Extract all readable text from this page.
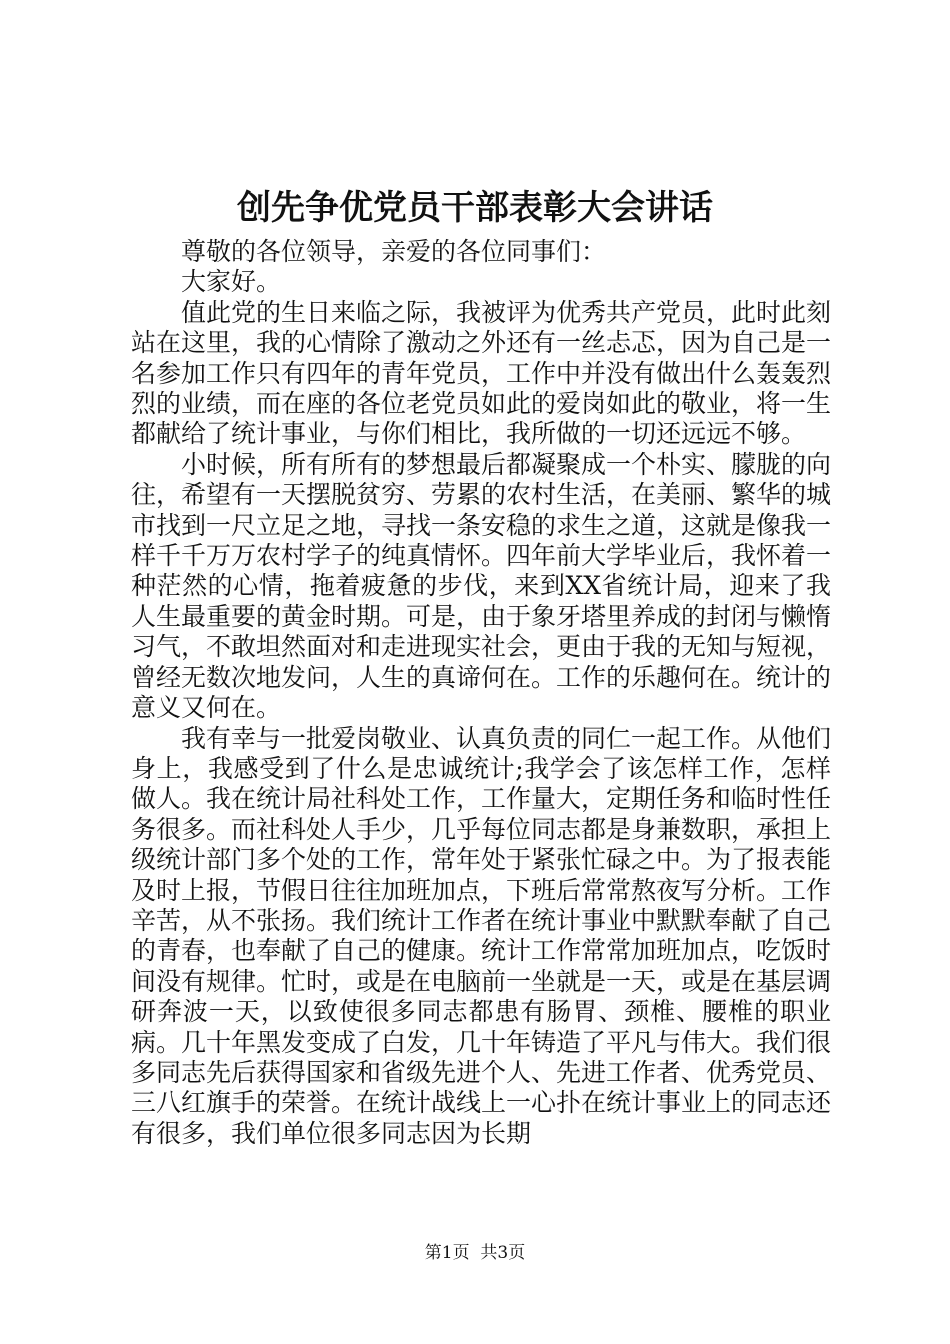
创先争优党员干部表彰大会讲话

尊敬的各位领导，亲爱的各位同事们：

大家好。

值此党的生日来临之际，我被评为优秀共产党员，此时此刻站在这里，我的心情除了激动之外还有一丝忐忑，因为自己是一名参加工作只有四年的青年党员，工作中并没有做出什么轰轰烈烈的业绩，而在座的各位老党员如此的爱岗如此的敬业，将一生都献给了统计事业，与你们相比，我所做的一切还远远不够。

小时候，所有所有的梦想最后都凝聚成一个朴实、朦胧的向往，希望有一天摆脱贫穷、劳累的农村生活，在美丽、繁华的城市找到一尺立足之地，寻找一条安稳的求生之道，这就是像我一样千千万万农村学子的纯真情怀。四年前大学毕业后，我怀着一种茫然的心情，拖着疲惫的步伐，来到XX省统计局，迎来了我人生最重要的黄金时期。可是，由于象牙塔里养成的封闭与懒惰习气，不敢坦然面对和走进现实社会，更由于我的无知与短视，曾经无数次地发问，人生的真谛何在。工作的乐趣何在。统计的意义又何在。

我有幸与一批爱岗敬业、认真负责的同仁一起工作。从他们身上，我感受到了什么是忠诚统计;我学会了该怎样工作，怎样做人。我在统计局社科处工作，工作量大，定期任务和临时性任务很多。而社科处人手少，几乎每位同志都是身兼数职，承担上级统计部门多个处的工作，常年处于紧张忙碌之中。为了报表能及时上报，节假日往往加班加点，下班后常常熬夜写分析。工作辛苦，从不张扬。我们统计工作者在统计事业中默默奉献了自己的青春，也奉献了自己的健康。统计工作常常加班加点，吃饭时间没有规律。忙时，或是在电脑前一坐就是一天，或是在基层调研奔波一天，以致使很多同志都患有肠胃、颈椎、腰椎的职业病。几十年黑发变成了白发，几十年铸造了平凡与伟大。我们很多同志先后获得国家和省级先进个人、先进工作者、优秀党员、三八红旗手的荣誉。在统计战线上一心扑在统计事业上的同志还有很多，我们单位很多同志因为长期

第1页  共3页
